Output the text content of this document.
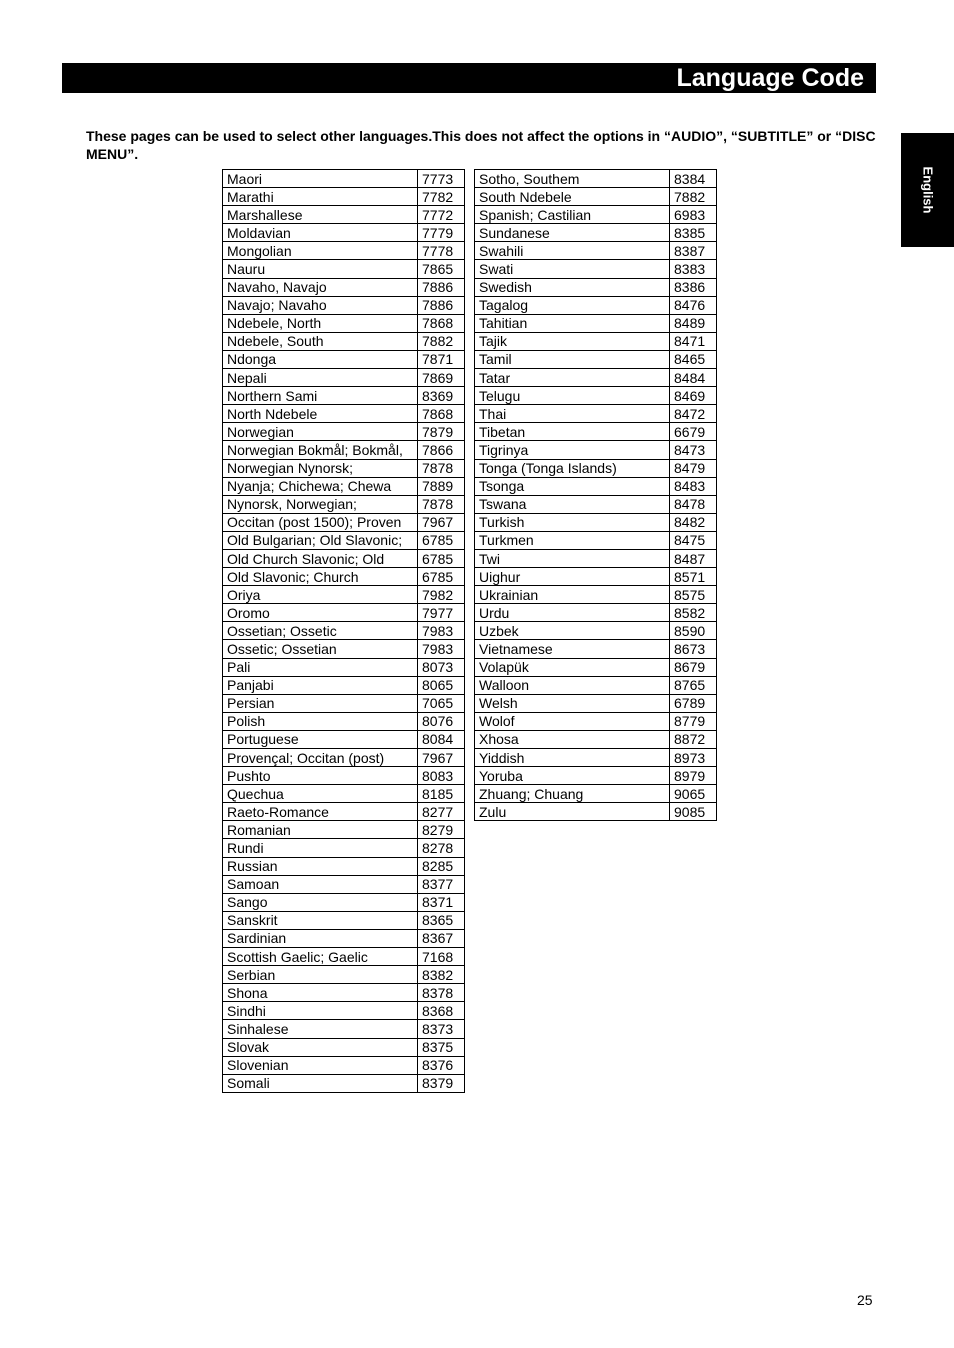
Language Code
English

These pages can be used to select other languages.This does not affect the options in “AUDIO”, “SUBTITLE” or “DISC MENU”.

Maori	7773
Marathi	7782
Marshallese	7772
Moldavian	7779
Mongolian	7778
Nauru	7865
Navaho, Navajo	7886
Navajo; Navaho	7886
Ndebele, North	7868
Ndebele, South	7882
Ndonga	7871
Nepali	7869
Northern Sami	8369
North Ndebele	7868
Norwegian	7879
Norwegian Bokmål; Bokmål,	7866
Norwegian Nynorsk;	7878
Nyanja; Chichewa; Chewa	7889
Nynorsk, Norwegian;	7878
Occitan (post 1500); Proven	7967
Old Bulgarian; Old Slavonic;	6785
Old Church Slavonic; Old	6785
Old Slavonic; Church	6785
Oriya	7982
Oromo	7977
Ossetian; Ossetic	7983
Ossetic; Ossetian	7983
Pali	8073
Panjabi	8065
Persian	7065
Polish	8076
Portuguese	8084
Provençal; Occitan (post)	7967
Pushto	8083
Quechua	8185
Raeto-Romance	8277
Romanian	8279
Rundi	8278
Russian	8285
Samoan	8377
Sango	8371
Sanskrit	8365
Sardinian	8367
Scottish Gaelic; Gaelic	7168
Serbian	8382
Shona	8378
Sindhi	8368
Sinhalese	8373
Slovak	8375
Slovenian	8376
Somali	8379
Sotho, Southem	8384
South Ndebele	7882
Spanish; Castilian	6983
Sundanese	8385
Swahili	8387
Swati	8383
Swedish	8386
Tagalog	8476
Tahitian	8489
Tajik	8471
Tamil	8465
Tatar	8484
Telugu	8469
Thai	8472
Tibetan	6679
Tigrinya	8473
Tonga (Tonga Islands)	8479
Tsonga	8483
Tswana	8478
Turkish	8482
Turkmen	8475
Twi	8487
Uighur	8571
Ukrainian	8575
Urdu	8582
Uzbek	8590
Vietnamese	8673
Volapük	8679
Walloon	8765
Welsh	6789
Wolof	8779
Xhosa	8872
Yiddish	8973
Yoruba	8979
Zhuang; Chuang	9065
Zulu	9085
25
